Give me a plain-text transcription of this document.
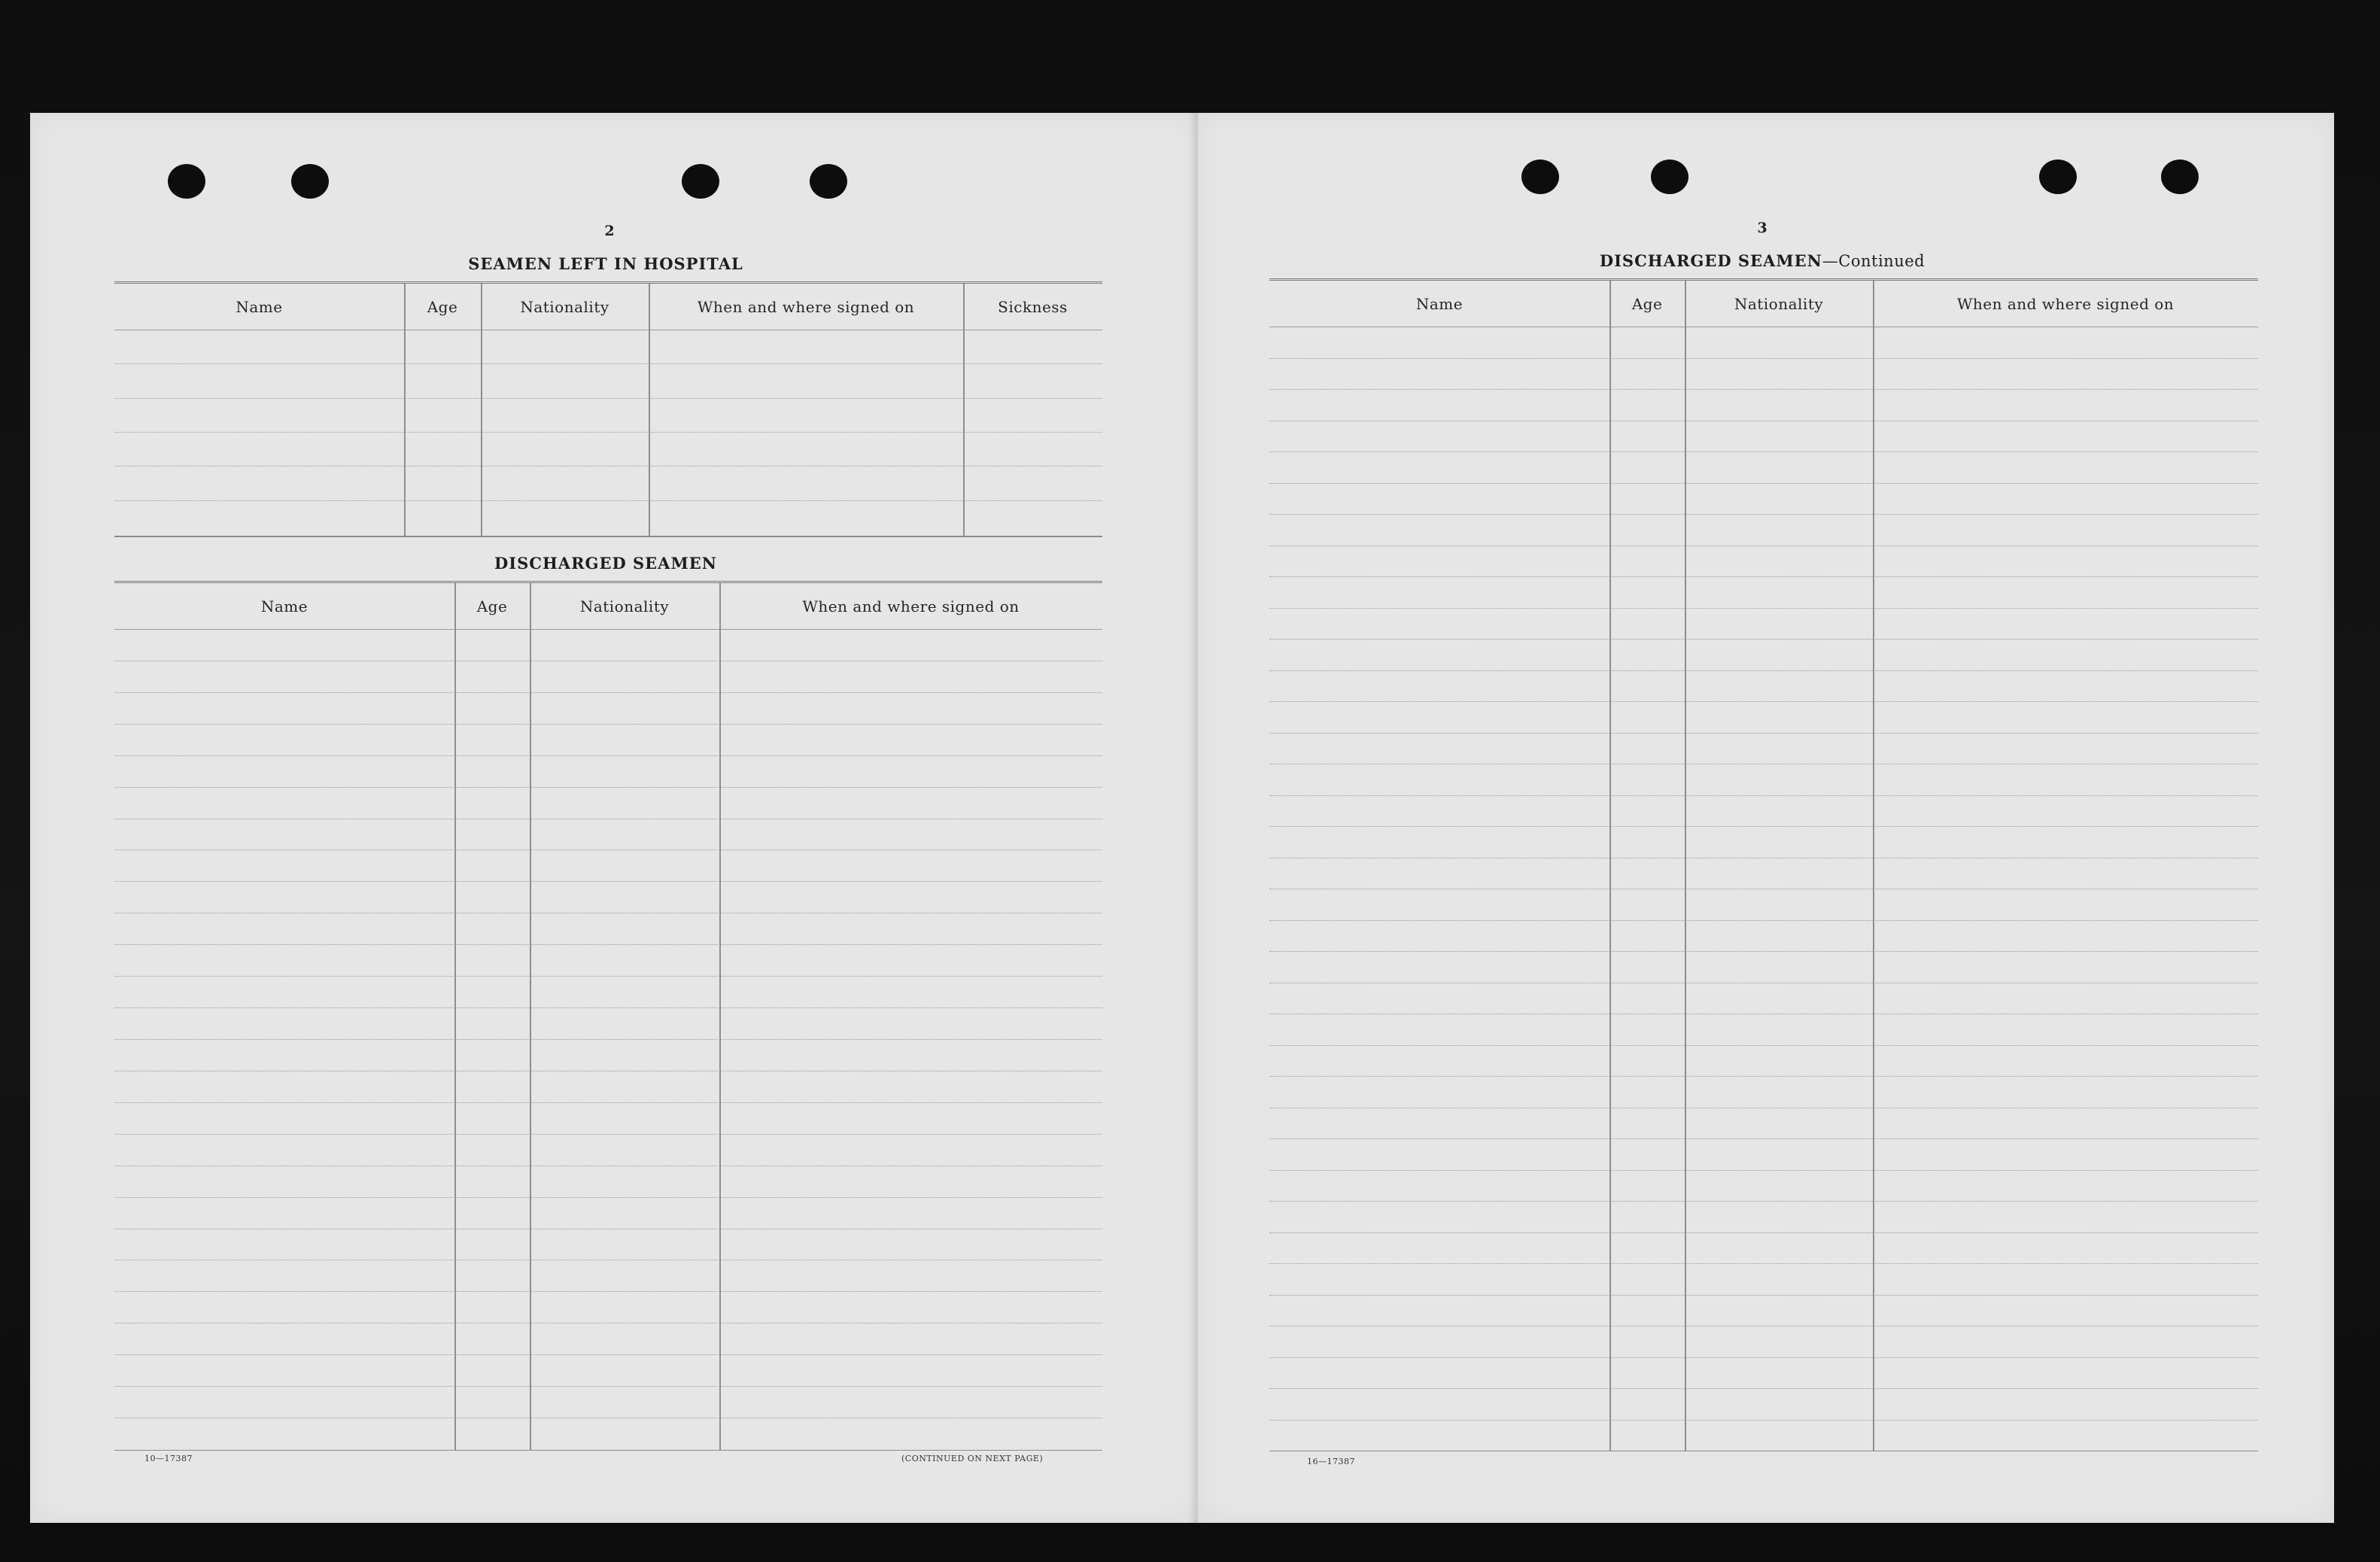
2
SEAMEN LEFT IN HOSPITAL
Name	Age	Nationality	When and where signed on	Sickness
DISCHARGED SEAMEN
Name	Age	Nationality	When and where signed on
10—17387	(CONTINUED ON NEXT PAGE)
3
DISCHARGED SEAMEN—Continued
Name	Age	Nationality	When and where signed on
16—17387
